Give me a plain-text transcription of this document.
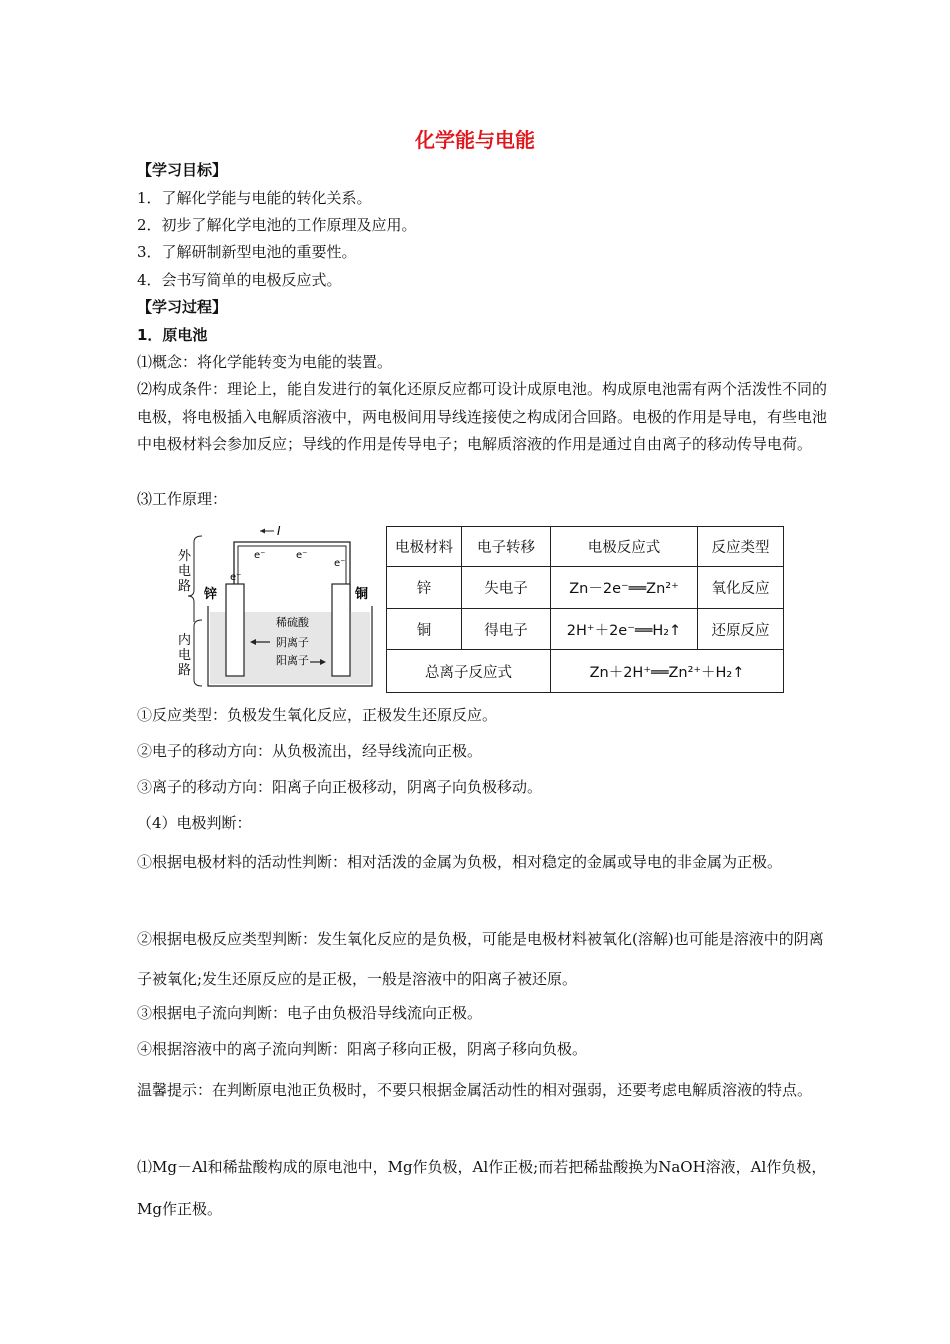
化学能与电能
【学习目标】
1．了解化学能与电能的转化关系。
2．初步了解化学电池的工作原理及应用。
3．了解研制新型电池的重要性。
4．会书写简单的电极反应式。
【学习过程】
1．原电池
⑴概念：将化学能转变为电能的装置。
⑵构成条件：理论上，能自发进行的氧化还原反应都可设计成原电池。构成原电池需有两个活泼性不同的电极，将电极插入电解质溶液中，两电极间用导线连接使之构成闭合回路。电极的作用是导电，有些电池中电极材料会参加反应；导线的作用是传导电子；电解质溶液的作用是通过自由离子的移动传导电荷。
⑶工作原理：
外电路
内电路
I
e⁻	e⁻
e⁻
e⁻
锌	铜
稀硫酸
阴离子
阳离子
电极材料	电子转移	电极反应式	反应类型
锌	失电子	Zn－2e⁻══Zn²⁺	氧化反应
铜	得电子	2H⁺＋2e⁻══H₂↑	还原反应
总离子反应式		Zn＋2H⁺══Zn²⁺＋H₂↑	
①反应类型：负极发生氧化反应，正极发生还原反应。
②电子的移动方向：从负极流出，经导线流向正极。
③离子的移动方向：阳离子向正极移动，阴离子向负极移动。
（4）电极判断：
①根据电极材料的活动性判断：相对活泼的金属为负极，相对稳定的金属或导电的非金属为正极。
②根据电极反应类型判断：发生氧化反应的是负极，可能是电极材料被氧化(溶解)也可能是溶液中的阴离子被氧化;发生还原反应的是正极，一般是溶液中的阳离子被还原。
③根据电子流向判断：电子由负极沿导线流向正极。
④根据溶液中的离子流向判断：阳离子移向正极，阴离子移向负极。
温馨提示：在判断原电池正负极时，不要只根据金属活动性的相对强弱，还要考虑电解质溶液的特点。
⑴Mg－Al和稀盐酸构成的原电池中，Mg作负极，Al作正极;而若把稀盐酸换为NaOH溶液，Al作负极，Mg作正极。
